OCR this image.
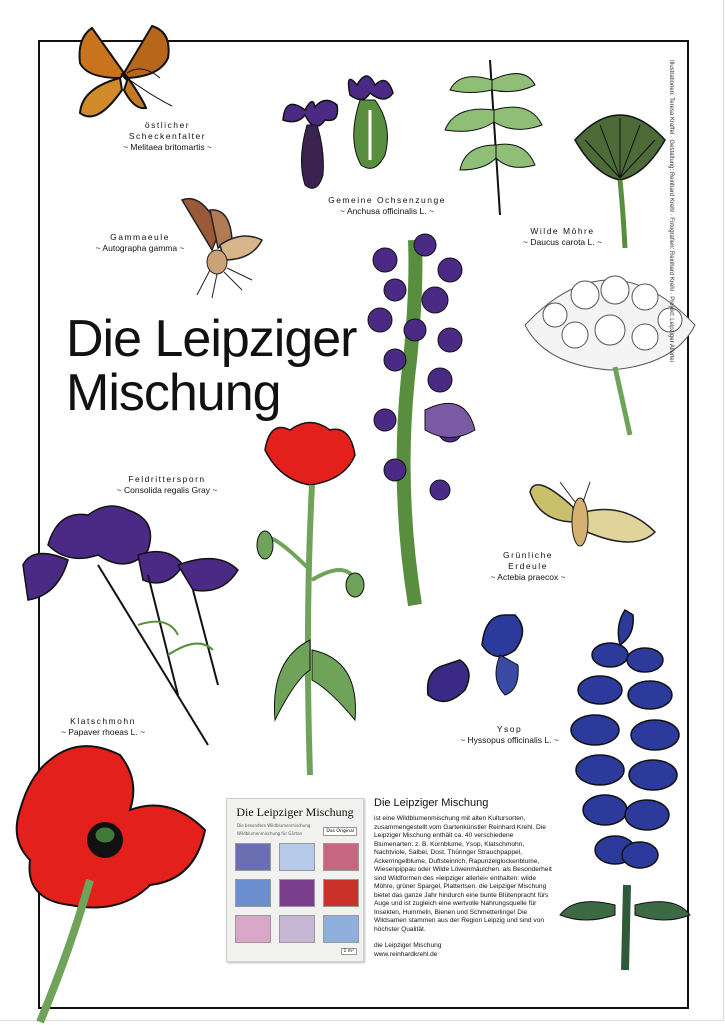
Die Leipziger
Mischung
Illustrationen: Teresa Kraffel · Gestaltung: Reinhard Krehl · Fotografien: Reinhard Krehl · Projekt: Leipziger Allerlei
östlicher Scheckenfalter
~ Melitaea britomartis ~
Gemeine Ochsenzunge
~ Anchusa officinalis L. ~
Wilde Möhre
~ Daucus carota L. ~
Gammaeule
~ Autographa gamma ~
Feldrittersporn
~ Consolida regalis Gray ~
Grünliche Erdeule
~ Actebia praecox ~
Klatschmohn
~ Papaver rhoeas L. ~	Ysop
~ Hyssopus officinalis L. ~
Die Leipziger Mischung
Die besondere Wildblumenmischung
Wildblumenmischung für Gärten	Das Original
1 m²
Die Leipziger Mischung

ist eine Wildblumenmischung mit alten Kultursorten, zusammengestellt vom Gartenkünstler Reinhard Krehl. Die Leipziger Mischung enthält ca. 40 verschiedene Blumenarten: z. B. Kornblume, Ysop, Klatschmohn, Nachtviole, Salbei, Dost, Thüringer Strauchpappel, Ackerringelblume, Duftsteinrich, Rapunzelglockenblume, Wiesenpippau oder Wilde Löwenmäulchen. als Besonderheit sind Wildformen des »leipziger allerlei« enthalten: wilde Möhre, grüner Spargel, Plattertsen. die Leipziger Mischung bietet das ganze Jahr hindurch eine bunte Blütenpracht fürs Auge und ist zugleich eine wertvolle Nahrungsquelle für Insekten, Hummeln, Bienen und Schmetterlinge! Die Wildsamen stammen aus der Region Leipzig und sind von höchster Qualität.

die Leipziger Mischung

www.reinhardkrehl.de
